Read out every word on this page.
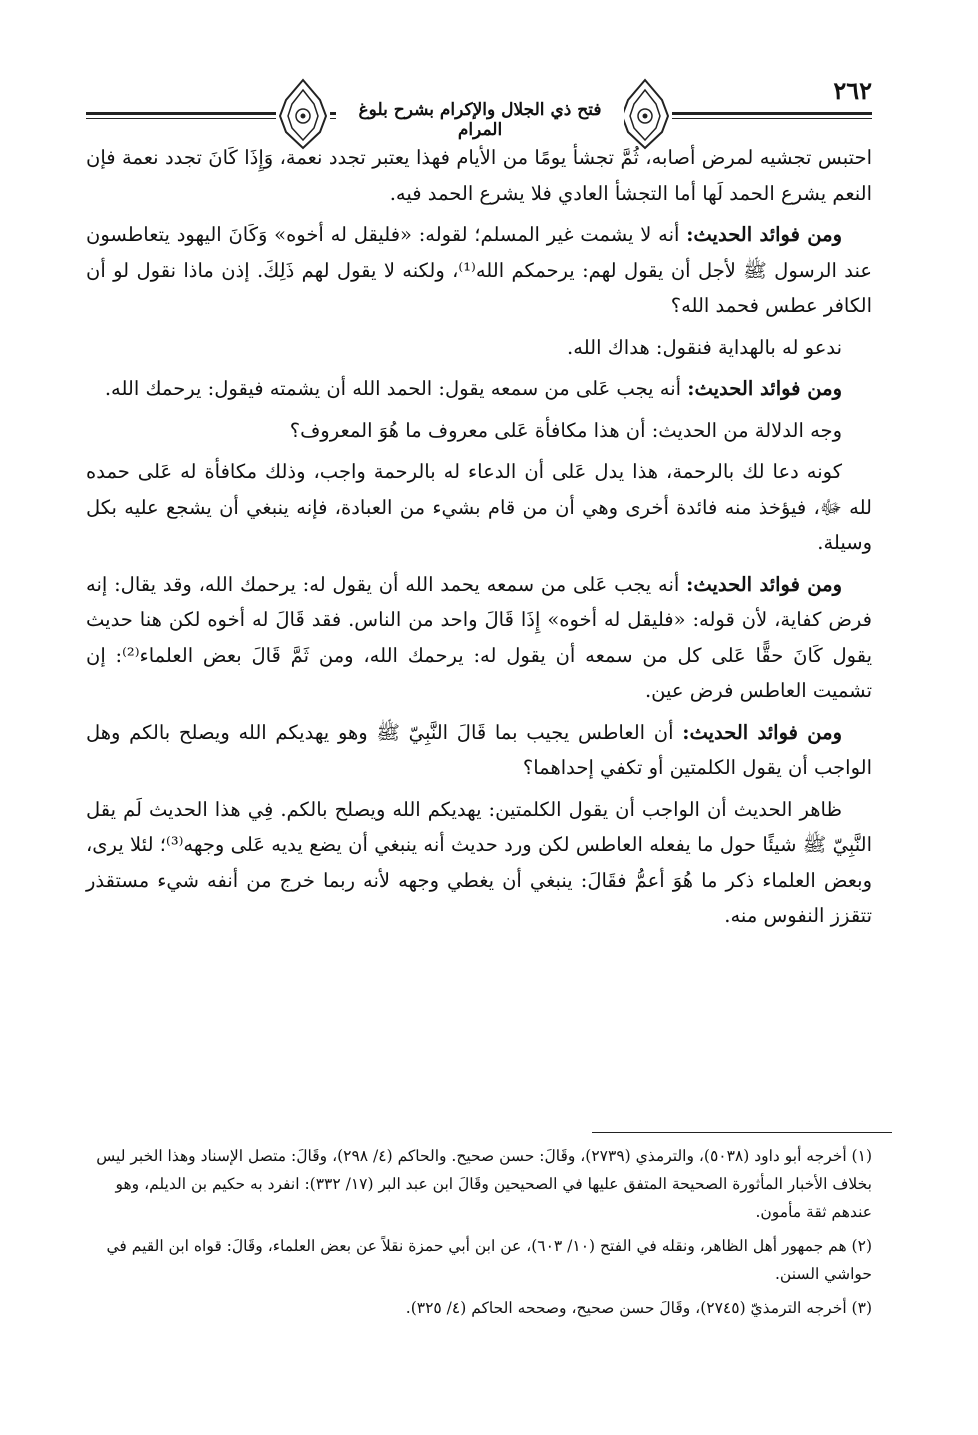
٢٦٢
فتح ذي الجلال والإكرام بشرح بلوغ المرام

احتبس تجشيه لمرض أصابه، ثُمَّ تجشأ يومًا من الأيام فهذا يعتبر تجدد نعمة، وَإِذَا كَانَ تجدد نعمة فإن النعم يشرع الحمد لَها أما التجشأ العادي فلا يشرع الحمد فيه.

ومن فوائد الحديث: أنه لا يشمت غير المسلم؛ لقوله: «فليقل له أخوه» وَكَانَ اليهود يتعاطسون عند الرسول ﷺ لأجل أن يقول لهم: يرحمكم الله⁽¹⁾، ولكنه لا يقول لهم ذَلِكَ. إذن ماذا نقول لو أن الكافر عطس فحمد الله؟

ندعو له بالهداية فنقول: هداك الله.

ومن فوائد الحديث: أنه يجب عَلى من سمعه يقول: الحمد الله أن يشمته فيقول: يرحمك الله.

وجه الدلالة من الحديث: أن هذا مكافأة عَلى معروف ما هُوَ المعروف؟

كونه دعا لك بالرحمة، هذا يدل عَلى أن الدعاء له بالرحمة واجب، وذلك مكافأة له عَلى حمده لله ﷻ، فيؤخذ منه فائدة أخرى وهي أن من قام بشيء من العبادة، فإنه ينبغي أن يشجع عليه بكل وسيلة.

ومن فوائد الحديث: أنه يجب عَلى من سمعه يحمد الله أن يقول له: يرحمك الله، وقد يقال: إنه فرض كفاية، لأن قوله: «فليقل له أخوه» إِذَا قَالَ واحد من الناس. فقد قَالَ له أخوه لكن هنا حديث يقول كَانَ حقًّا عَلى كل من سمعه أن يقول له: يرحمك الله، ومن ثَمَّ قَالَ بعض العلماء⁽²⁾: إن تشميت العاطس فرض عين.

ومن فوائد الحديث: أن العاطس يجيب بما قَالَ النَّبِيّ ﷺ وهو يهديكم الله ويصلح بالكم وهل الواجب أن يقول الكلمتين أو تكفي إحداهما؟

ظاهر الحديث أن الواجب أن يقول الكلمتين: يهديكم الله ويصلح بالكم. فِي هذا الحديث لَم يقل النَّبِيّ ﷺ شيئًا حول ما يفعله العاطس لكن ورد حديث أنه ينبغي أن يضع يديه عَلى وجهه⁽³⁾؛ لئلا يرى، وبعض العلماء ذكر ما هُوَ أعمُّ فقَالَ: ينبغي أن يغطي وجهه لأنه ربما خرج من أنفه شيء مستقذر تتقزز النفوس منه.

(١) أخرجه أبو داود (٥٠٣٨)، والترمذي (٢٧٣٩)، وقَالَ: حسن صحيح. والحاكم (٤/ ٢٩٨)، وقَالَ: متصل الإسناد وهذا الخبر ليس بخلاف الأخبار المأثورة الصحيحة المتفق عليها في الصحيحين وقَالَ ابن عبد البر (١٧/ ٣٣٢): انفرد به حكيم بن الديلم، وهو عندهم ثقة مأمون.

(٢) هم جمهور أهل الظاهر، ونقله في الفتح (١٠/ ٦٠٣)، عن ابن أبي حمزة نقلاً عن بعض العلماء، وقَالَ: قواه ابن القيم في حواشي السنن.

(٣) أخرجه الترمذيّ (٢٧٤٥)، وقَالَ حسن صحيح، وصححه الحاكم (٤/ ٣٢٥).
